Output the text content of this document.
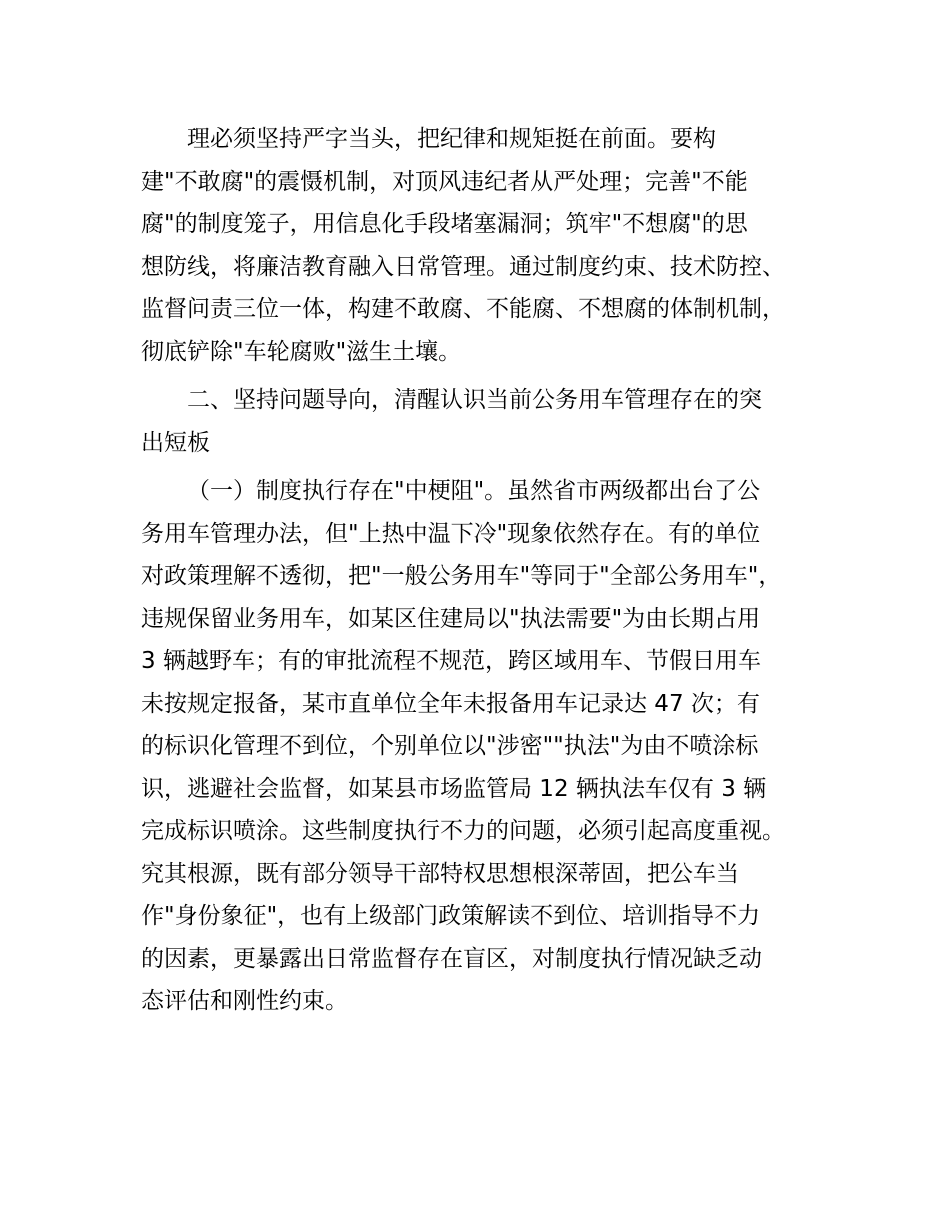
理必须坚持严字当头，把纪律和规矩挺在前面。要构
建"不敢腐"的震慑机制，对顶风违纪者从严处理；完善"不能
腐"的制度笼子，用信息化手段堵塞漏洞；筑牢"不想腐"的思
想防线，将廉洁教育融入日常管理。通过制度约束、技术防控、
监督问责三位一体，构建不敢腐、不能腐、不想腐的体制机制，
彻底铲除"车轮腐败"滋生土壤。
二、坚持问题导向，清醒认识当前公务用车管理存在的突
出短板
（一）制度执行存在"中梗阻"。虽然省市两级都出台了公
务用车管理办法，但"上热中温下冷"现象依然存在。有的单位
对政策理解不透彻，把"一般公务用车"等同于"全部公务用车"，
违规保留业务用车，如某区住建局以"执法需要"为由长期占用
3 辆越野车；有的审批流程不规范，跨区域用车、节假日用车
未按规定报备，某市直单位全年未报备用车记录达 47 次；有
的标识化管理不到位，个别单位以"涉密""执法"为由不喷涂标
识，逃避社会监督，如某县市场监管局 12 辆执法车仅有 3 辆
完成标识喷涂。这些制度执行不力的问题，必须引起高度重视。
究其根源，既有部分领导干部特权思想根深蒂固，把公车当
作"身份象征"，也有上级部门政策解读不到位、培训指导不力
的因素，更暴露出日常监督存在盲区，对制度执行情况缺乏动
态评估和刚性约束。
